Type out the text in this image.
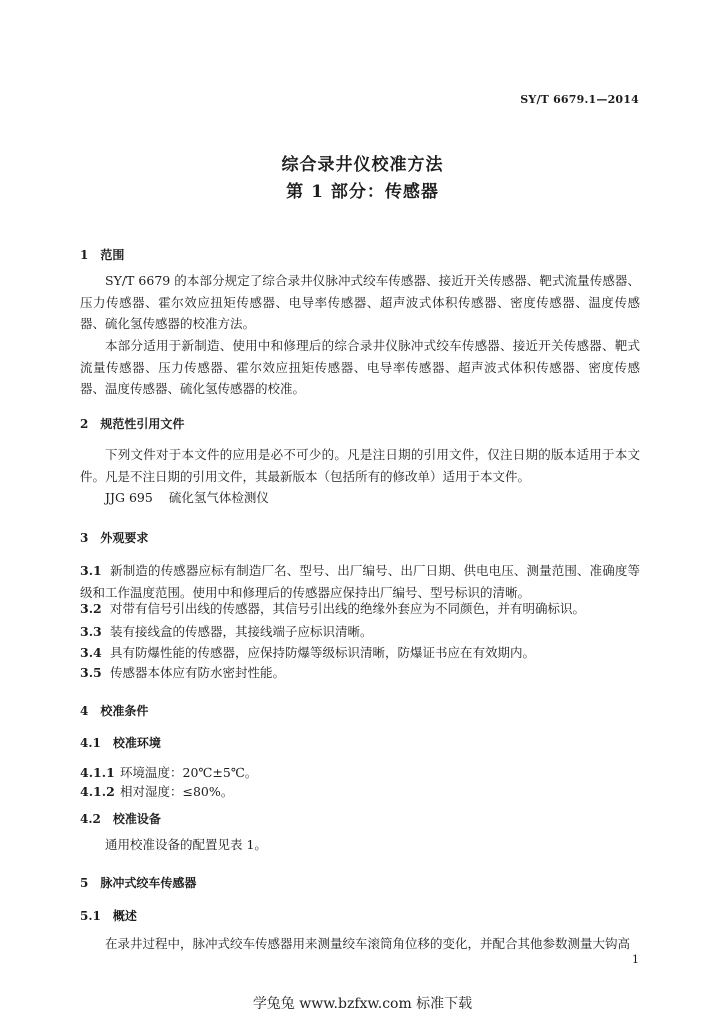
SY/T 6679.1—2014
综合录井仪校准方法
第 1 部分：传感器
1　范围
SY/T 6679 的本部分规定了综合录井仪脉冲式绞车传感器、接近开关传感器、靶式流量传感器、压力传感器、霍尔效应扭矩传感器、电导率传感器、超声波式体积传感器、密度传感器、温度传感器、硫化氢传感器的校准方法。
本部分适用于新制造、使用中和修理后的综合录井仪脉冲式绞车传感器、接近开关传感器、靶式流量传感器、压力传感器、霍尔效应扭矩传感器、电导率传感器、超声波式体积传感器、密度传感器、温度传感器、硫化氢传感器的校准。
2　规范性引用文件
下列文件对于本文件的应用是必不可少的。凡是注日期的引用文件，仅注日期的版本适用于本文件。凡是不注日期的引用文件，其最新版本（包括所有的修改单）适用于本文件。
JJG 695 硫化氢气体检测仪
3　外观要求
3.1 新制造的传感器应标有制造厂名、型号、出厂编号、出厂日期、供电电压、测量范围、准确度等级和工作温度范围。使用中和修理后的传感器应保持出厂编号、型号标识的清晰。
3.2 对带有信号引出线的传感器，其信号引出线的绝缘外套应为不同颜色，并有明确标识。
3.3 装有接线盒的传感器，其接线端子应标识清晰。
3.4 具有防爆性能的传感器，应保持防爆等级标识清晰，防爆证书应在有效期内。
3.5 传感器本体应有防水密封性能。
4　校准条件
4.1　校准环境
4.1.1 环境温度：20℃±5℃。
4.1.2 相对湿度：≤80%。
4.2　校准设备
通用校准设备的配置见表 1。
5　脉冲式绞车传感器
5.1　概述
在录井过程中，脉冲式绞车传感器用来测量绞车滚筒角位移的变化，并配合其他参数测量大钩高
1
学兔兔 www.bzfxw.com 标准下载
